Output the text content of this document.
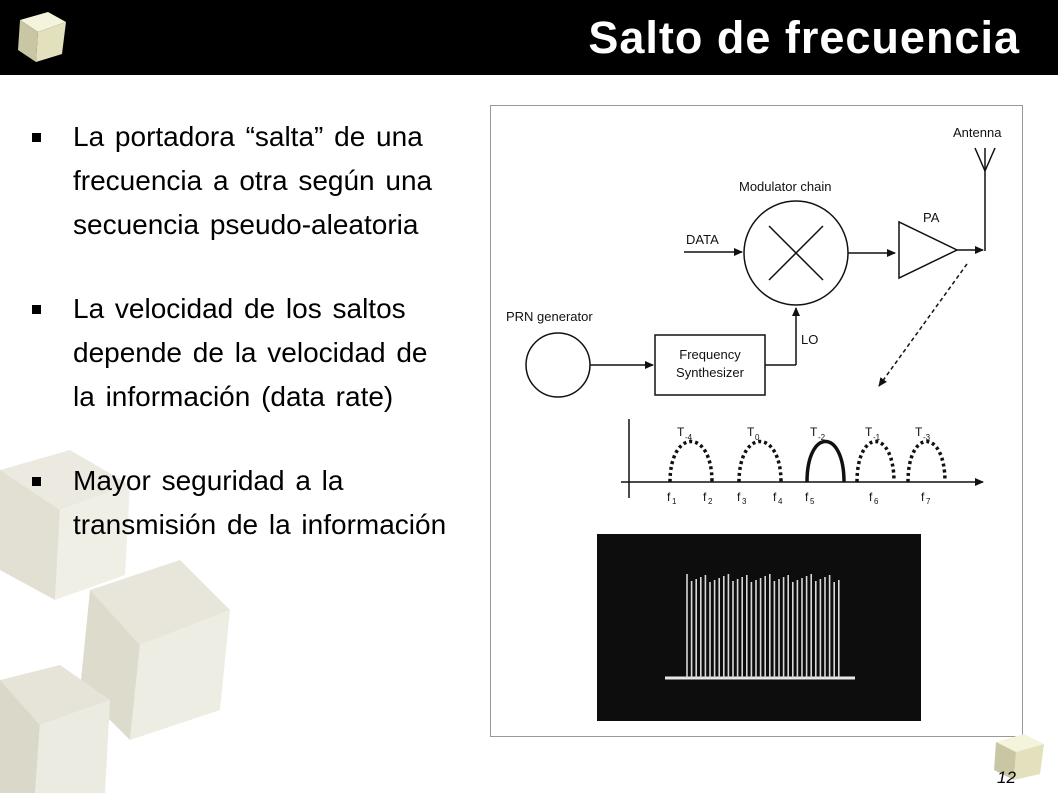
Salto de frecuencia
La portadora “salta” de una frecuencia a otra según una secuencia pseudo-aleatoria
La velocidad de los saltos depende de la velocidad de la información (data rate)
Mayor seguridad a la transmisión de la información
Antenna
Modulator chain
DATA
PA
PRN generator
Frequency
Synthesizer
LO
T -4	T 0	T -2	T -1	T -3
f 1 f 2 f 3 f 4 f 5	f 6	f 7
12
